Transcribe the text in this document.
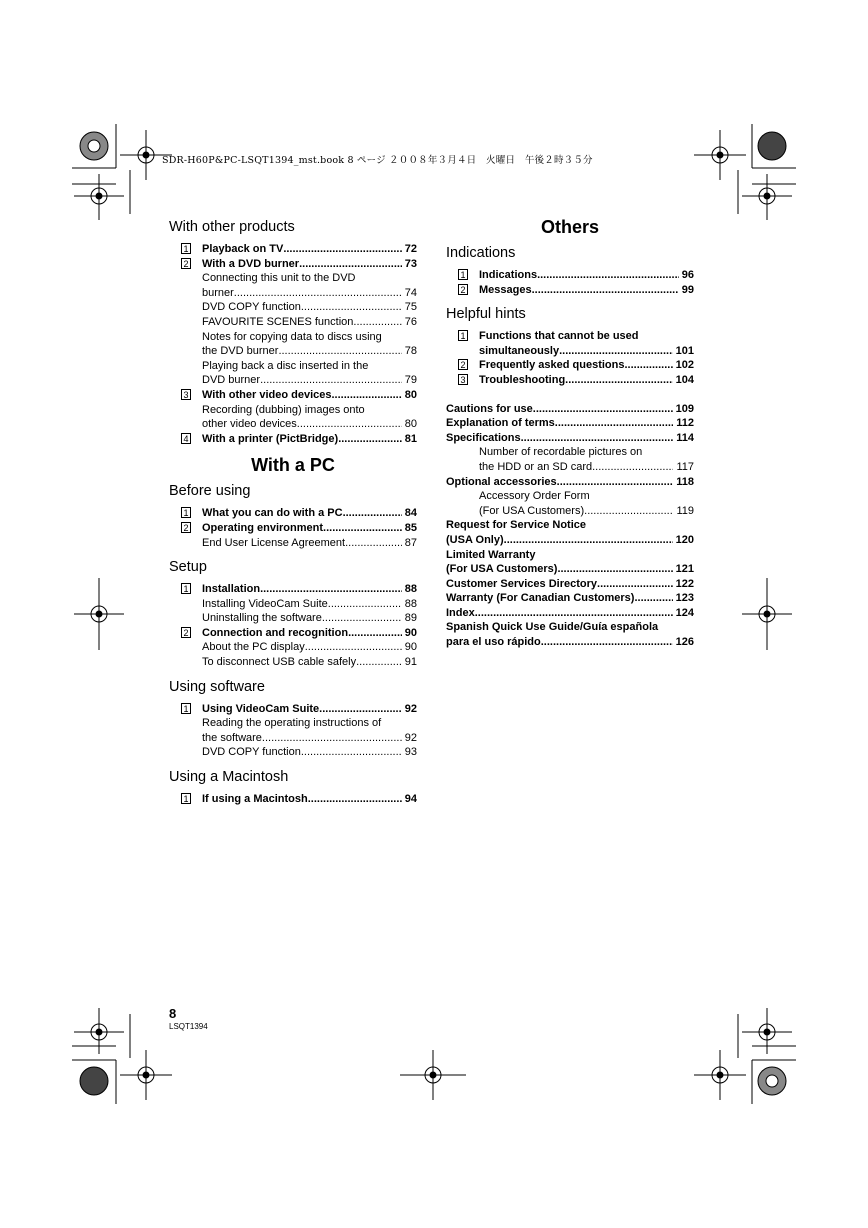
SDR-H60P&PC-LSQT1394_mst.book 8 ページ ２００８年３月４日　火曜日　午後２時３５分
With other products
1 Playback on TV .....	72
2 With a DVD burner .....	73
Connecting this unit to the DVD
burner .....	74
DVD COPY function .....	75
FAVOURITE SCENES function .....	76
Notes for copying data to discs using
the DVD burner .....	78
Playing back a disc inserted in the
DVD burner .....	79
3 With other video devices .....	80
Recording (dubbing) images onto
other video devices .....	80
4 With a printer (PictBridge) .....	81
With a PC
Before using
1 What you can do with a PC .....	84
2 Operating environment .....	85
End User License Agreement .....	87
Setup
1 Installation .....	88
Installing VideoCam Suite .....	88
Uninstalling the software .....	89
2 Connection and recognition .....	90
About the PC display .....	90
To disconnect USB cable safely .....	91
Using software
1 Using VideoCam Suite .....	92
Reading the operating instructions of
the software .....	92
DVD COPY function .....	93
Using a Macintosh
1 If using a Macintosh .....	94
Others
Indications
1 Indications .....	96
2 Messages .....	99
Helpful hints
1 Functions that cannot be used
simultaneously .....	101
2 Frequently asked questions .....	102
3 Troubleshooting .....	104
Cautions for use .....	109
Explanation of terms .....	112
Specifications .....	114
Number of recordable pictures on
the HDD or an SD card .....	117
Optional accessories .....	118
Accessory Order Form
(For USA Customers) .....	119
Request for Service Notice
(USA Only) .....	120
Limited Warranty
(For USA Customers) .....	121
Customer Services Directory .....	122
Warranty (For Canadian Customers) .....	123
Index .....	124
Spanish Quick Use Guide/Guía española
para el uso rápido .....	126
8
LSQT1394
